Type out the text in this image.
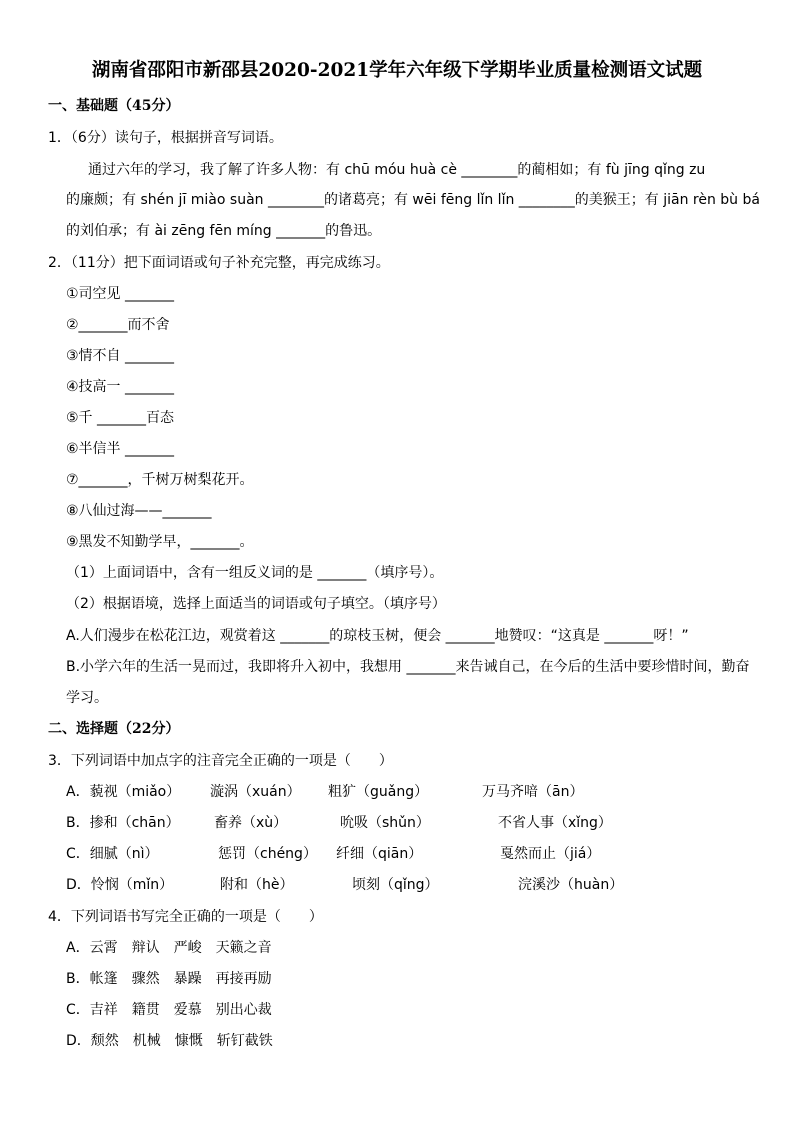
湖南省邵阳市新邵县2020-2021学年六年级下学期毕业质量检测语文试题
一、基础题（45分）
1．（6分）读句子，根据拼音写词语。
通过六年的学习，我了解了许多人物：有 chū móu huà cè ________的蔺相如；有 fù jīng qǐng zu
的廉颇；有 shén jī miào suàn ________的诸葛亮；有 wēi fēng lǐn lǐn ________的美猴王；有 jiān rèn bù bá
的刘伯承；有 ài zēng fēn míng _______的鲁迅。
2．（11分）把下面词语或句子补充完整，再完成练习。
①司空见 _______
②_______而不舍
③情不自 _______
④技高一 _______
⑤千 _______百态
⑥半信半 _______
⑦_______，千树万树梨花开。
⑧八仙过海——_______
⑨黑发不知勤学早，_______。
（1）上面词语中，含有一组反义词的是 _______（填序号）。
（2）根据语境，选择上面适当的词语或句子填空。（填序号）
A.人们漫步在松花江边，观赏着这 _______的琼枝玉树，便会 _______地赞叹：“这真是 _______呀！”
B.小学六年的生活一晃而过，我即将升入初中，我想用 _______来告诫自己，在今后的生活中要珍惜时间，勤奋
学习。
二、选择题（22分）
3．下列词语中加点字的注音完全正确的一项是（　　）
A．藐视（miǎo） 漩涡（xuán） 粗犷（guǎng）	万马齐喑（ān）
B．掺和（chān） 畜养（xù）	吮吸（shǔn）	不省人事（xǐng）
C．细腻（nì）	惩罚（chéng） 纤细（qiān）	戛然而止（jiá）
D．怜悯（mǐn）	附和（hè）	顷刻（qǐng）	浣溪沙（huàn）
4．下列词语书写完全正确的一项是（　　）
A．云霄　辩认　严峻　天籁之音
B．帐篷　骤然　暴躁　再接再励
C．吉祥　籍贯　爱慕　别出心裁
D．颓然　机械　慷慨　斩钉截铁
